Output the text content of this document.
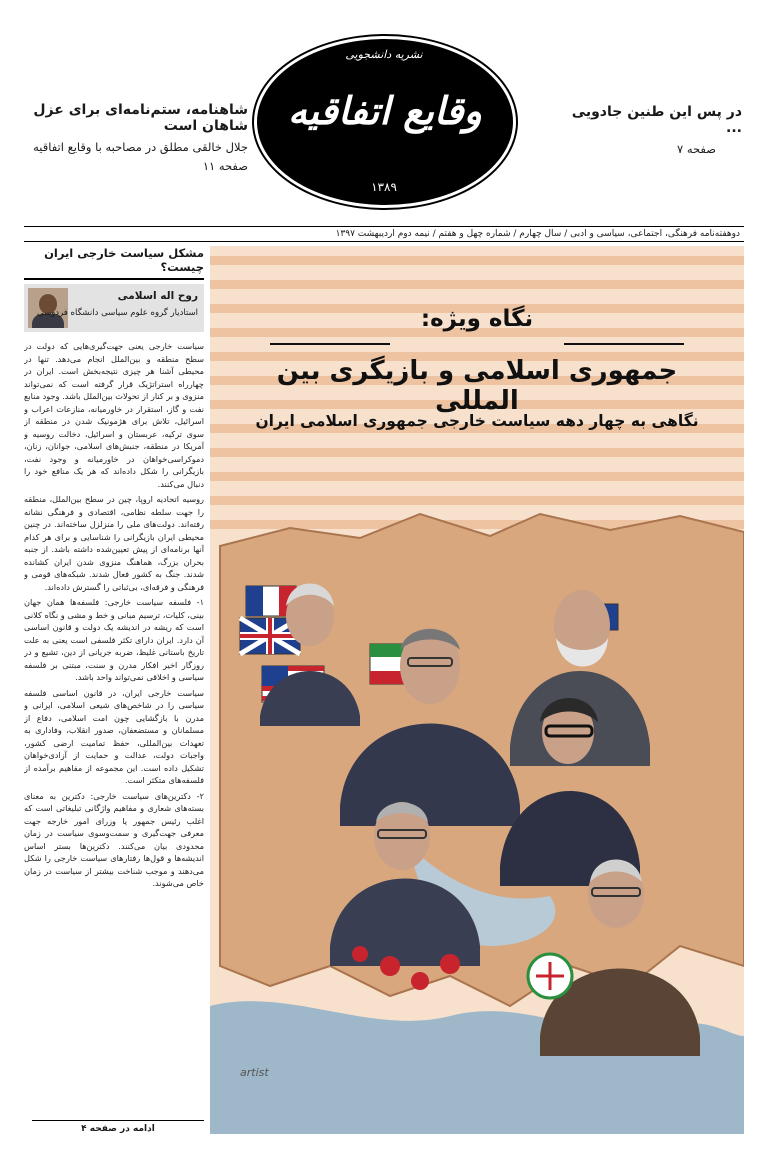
نشریه دانشجویی
وقایع اتفاقیه
۱۳۸۹
شاهنامه، ستم‌نامه‌ای برای عزل شاهان است
جلال خالقی مطلق در مصاحبه با وقایع اتفاقیه
صفحه ۱۱
در پس این طنین جادویی ...
صفحه ۷
دوهفته‌نامه فرهنگی، اجتماعی، سیاسی و ادبی / سال چهارم / شماره چهل و هفتم / نیمه دوم اردیبهشت ۱۳۹۷
مشکل سیاست خارجی ایران چیست؟
روح اله اسلامی
استادیار گروه علوم سیاسی دانشگاه فردوسی

سیاست خارجی یعنی جهت‌گیری‌هایی که دولت در سطح منطقه و بین‌الملل انجام می‌دهد. تنها در محیطی آشنا هر چیزی نتیجه‌بخش است. ایران در چهارراه استراتژیک قرار گرفته است که نمی‌تواند منزوی و بر کنار از تحولات بین‌الملل باشد. وجود منابع نفت و گاز، استقرار در خاورمیانه، منازعات اعراب و اسرائیل، تلاش برای هژمونیک شدن در منطقه از سوی ترکیه، عربستان و اسرائیل، دخالت روسیه و آمریکا در منطقه، جنبش‌های اسلامی، جوانان، زنان، دموکراسی‌خواهان در خاورمیانه و وجود نفت، بازیگرانی را شکل داده‌اند که هر یک منافع خود را دنبال می‌کنند.

روسیه اتحادیه اروپا، چین در سطح بین‌الملل، منطقه را جهت سلطه نظامی، اقتصادی و فرهنگی نشانه رفته‌اند. دولت‌های ملی را منزلزل ساخته‌اند. در چنین محیطی ایران بازیگرانی را شناسایی و برای هر کدام آنها برنامه‌ای از پیش تعیین‌شده داشته باشد. از جنبه بحران بزرگ، هماهنگ منزوی شدن ایران کشانده شدند. جنگ به کشور فعال شدند. شبکه‌های قومی و فرهنگی و فرقه‌ای، بی‌ثباتی را گسترش داده‌اند.

۱- فلسفه سیاست خارجی: فلسفه‌ها همان جهان بینی، کلیات، ترسیم مبانی و خط و مشی و نگاه کلانی است که ریشه در اندیشه یک دولت و قانون اساسی آن دارد. ایران دارای تکثر فلسفی است یعنی به علت تاریخ باستانی غلیظ، ضربه جریانی از دین، تشیع و در روزگار اخیر افکار مدرن و سنت، مبتنی بر فلسفه سیاسی و اخلاقی نمی‌تواند واحد باشد.

سیاست خارجی ایران، در قانون اساسی فلسفه سیاسی را در شاخص‌های شیعی اسلامی، ایرانی و مدرن با بازگشایی چون امت اسلامی، دفاع از مسلمانان و مستضعفان، صدور انقلاب، وفاداری به تعهدات بین‌المللی، حفظ تمامیت ارضی کشور، واجبات دولت، عدالت و حمایت از آزادی‌خواهان تشکیل داده است. این مجموعه از مفاهیم برآمده از فلسفه‌های متکثر است.

۲- دکترین‌های سیاست خارجی: دکترین به معنای بسته‌های شعاری و مفاهیم واژگانی تبلیغاتی است که اغلب رئیس جمهور یا وزرای امور خارجه جهت معرفی جهت‌گیری و سمت‌وسوی سیاست در زمان محدودی بیان می‌کنند. دکترین‌ها بستر اساس اندیشه‌ها و قول‌ها رفتارهای سیاست خارجی را شکل می‌دهند و موجب شناخت بیشتر از سیاست در زمان خاص می‌شوند.

ادامه در صفحه ۴
نگاه ویژه:
جمهوری اسلامی و بازیگری بین المللی
نگاهی به چهار دهه سیاست خارجی جمهوری اسلامی ایران
artist
